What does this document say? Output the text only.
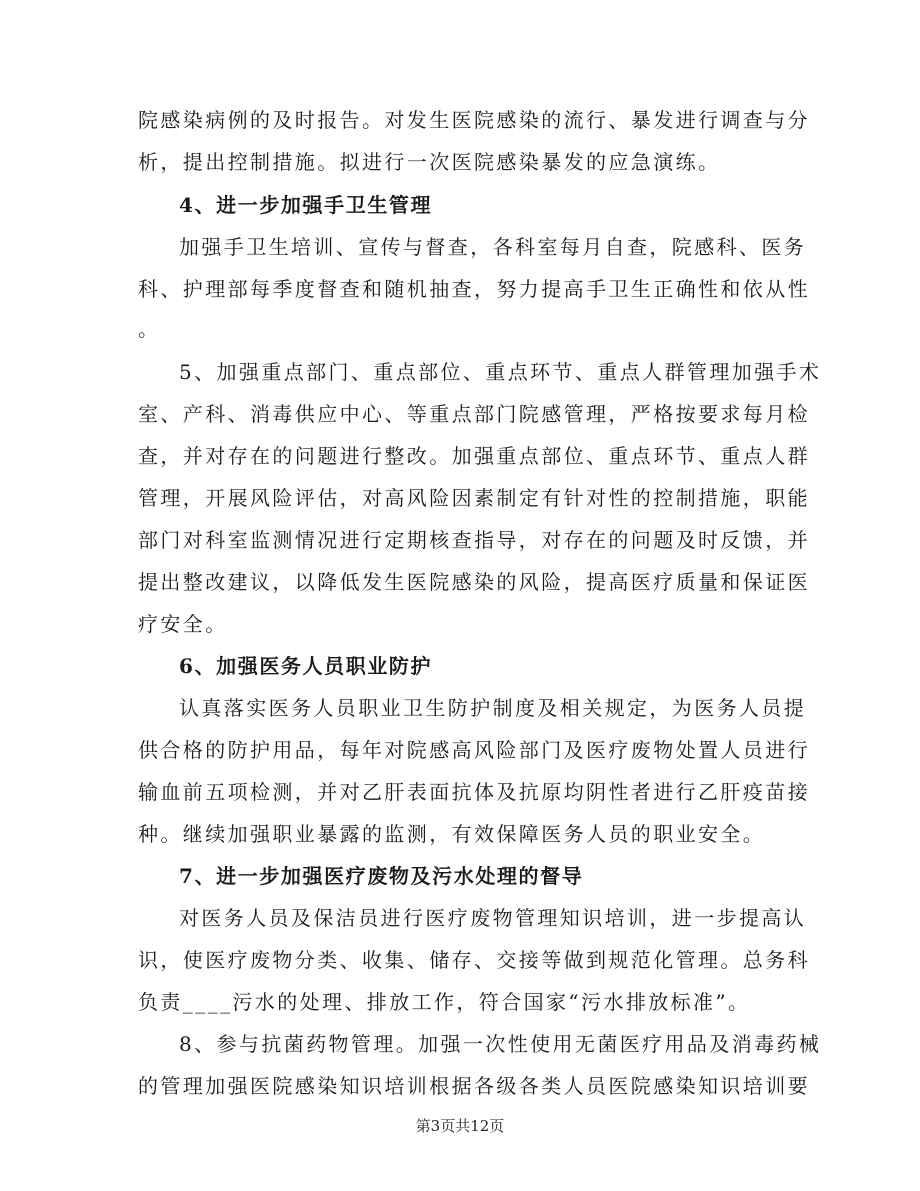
院感染病例的及时报告。对发生医院感染的流行、暴发进行调查与分
析，提出控制措施。拟进行一次医院感染暴发的应急演练。
4、进一步加强手卫生管理
加强手卫生培训、宣传与督查，各科室每月自查，院感科、医务
科、护理部每季度督查和随机抽查，努力提高手卫生正确性和依从性
。
5、加强重点部门、重点部位、重点环节、重点人群管理加强手术
室、产科、消毒供应中心、等重点部门院感管理，严格按要求每月检
查，并对存在的问题进行整改。加强重点部位、重点环节、重点人群
管理，开展风险评估，对高风险因素制定有针对性的控制措施，职能
部门对科室监测情况进行定期核查指导，对存在的问题及时反馈，并
提出整改建议，以降低发生医院感染的风险，提高医疗质量和保证医
疗安全。
6、加强医务人员职业防护
认真落实医务人员职业卫生防护制度及相关规定，为医务人员提
供合格的防护用品，每年对院感高风险部门及医疗废物处置人员进行
输血前五项检测，并对乙肝表面抗体及抗原均阴性者进行乙肝疫苗接
种。继续加强职业暴露的监测，有效保障医务人员的职业安全。
7、进一步加强医疗废物及污水处理的督导
对医务人员及保洁员进行医疗废物管理知识培训，进一步提高认
识，使医疗废物分类、收集、储存、交接等做到规范化管理。总务科
负责____污水的处理、排放工作，符合国家“污水排放标准”。
8、参与抗菌药物管理。加强一次性使用无菌医疗用品及消毒药械
的管理加强医院感染知识培训根据各级各类人员医院感染知识培训要
第3页共12页
